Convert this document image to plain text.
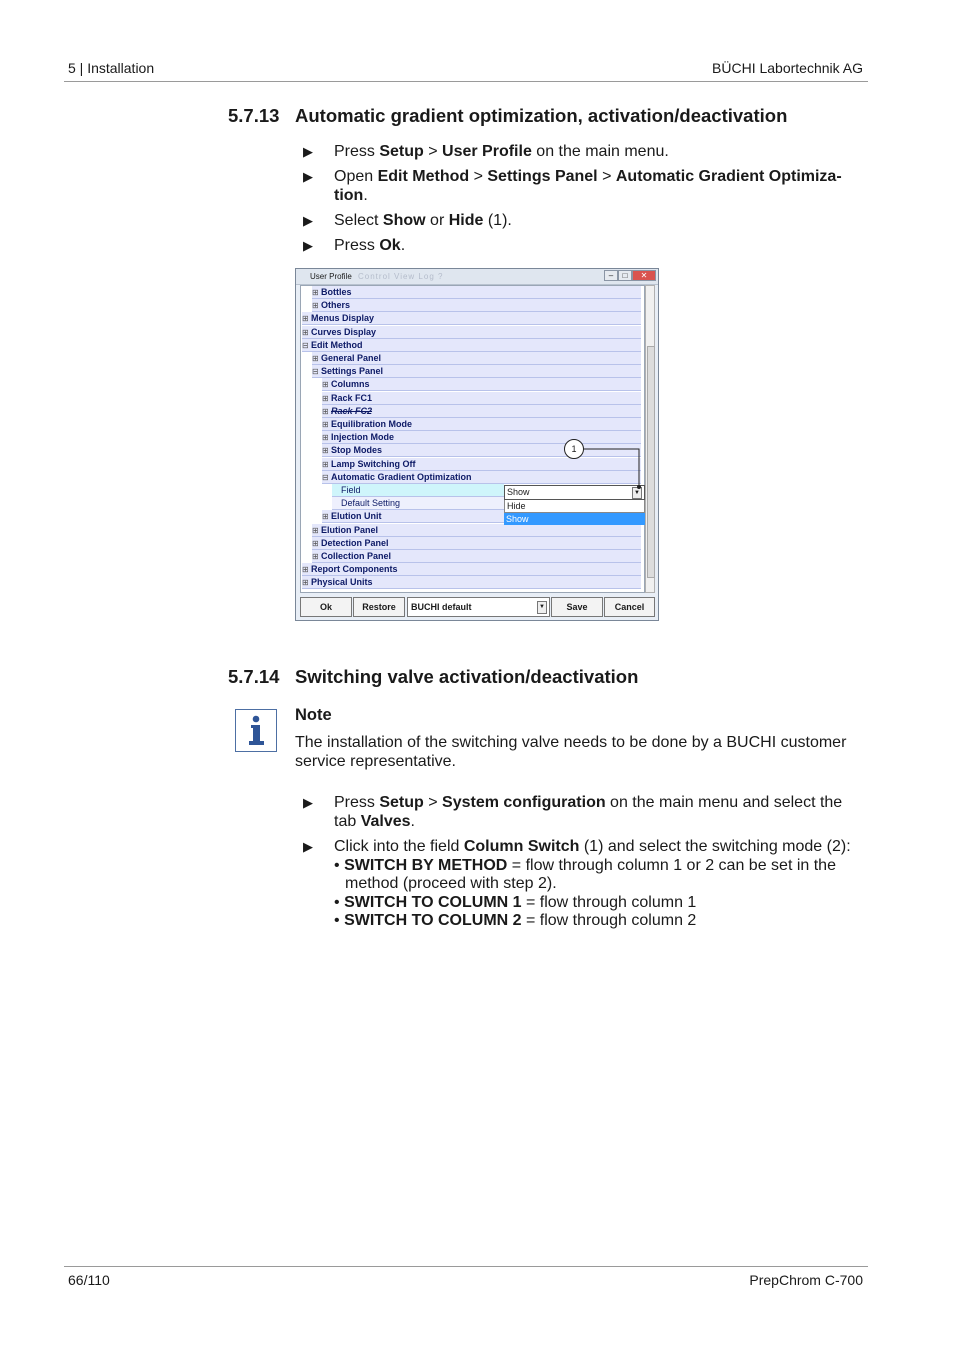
5 | Installation	BÜCHI Labortechnik AG
5.7.13 Automatic gradient optimization, activation/deactivation
▶ Press Setup > User Profile on the main menu.
▶ Open Edit Method > Settings Panel > Automatic Gradient Optimiza-
tion.
▶ Select Show or Hide (1).
▶ Press Ok.
User Profile Control View Log ?	–	□	✕
⊞ Bottles
⊞ Others
⊞ Menus Display
⊞ Curves Display
⊟ Edit Method
⊞ General Panel
⊟ Settings Panel
⊞ Columns
⊞ Rack FC1
⊞ Rack FC2
⊞ Equilibration Mode
⊞ Injection Mode
⊞ Stop Modes
⊞ Lamp Switching Off
⊟ Automatic Gradient Optimization
Field
Default Setting
⊞ Elution Unit
⊞ Elution Panel
⊞ Detection Panel
⊞ Collection Panel
⊞ Report Components
⊞ Physical Units
Show	▼
Hide
Show
1
Ok	Restore	BUCHI default	▼	Save	Cancel
5.7.14 Switching valve activation/deactivation
Note
The installation of the switching valve needs to be done by a BUCHI customer service representative.
▶ Press Setup > System configuration on the main menu and select the tab Valves.
▶ Click into the field Column Switch (1) and select the switching mode (2):
• SWITCH BY METHOD = flow through column 1 or 2 can be set in the method (proceed with step 2).
• SWITCH TO COLUMN 1 = flow through column 1
• SWITCH TO COLUMN 2 = flow through column 2
66/110	PrepChrom C-700
